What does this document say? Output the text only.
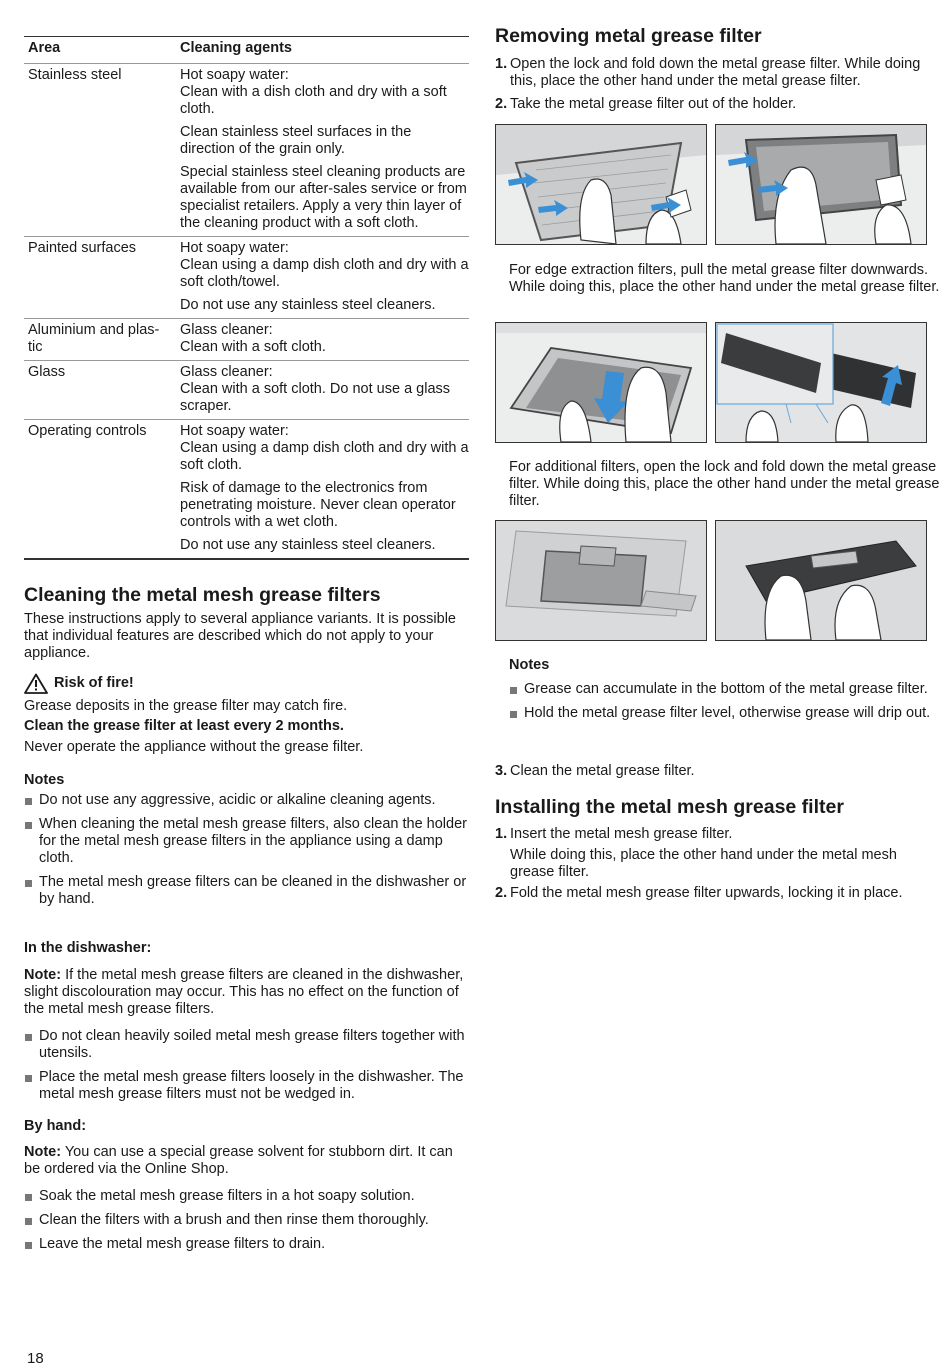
Area	Cleaning agents
Stainless steel	Hot soapy water:
Clean with a dish cloth and dry with a soft cloth.

Clean stainless steel surfaces in the direction of the grain only.

Special stainless steel cleaning products are available from our after-sales service or from specialist retailers. Apply a very thin layer of the cleaning product with a soft cloth.

Painted surfaces	Hot soapy water:
Clean using a damp dish cloth and dry with a soft cloth/towel.

Do not use any stainless steel cleaners.

Aluminium and plas-
tic	Glass cleaner:
Clean with a soft cloth.

Glass	Glass cleaner:
Clean with a soft cloth. Do not use a glass scraper.

Operating controls	Hot soapy water:
Clean using a damp dish cloth and dry with a soft cloth.

Risk of damage to the electronics from penetrating moisture. Never clean operator controls with a wet cloth.

Do not use any stainless steel cleaners.

Cleaning the metal mesh grease filters

These instructions apply to several appliance variants. It is possible that individual features are described which do not apply to your appliance.

Risk of fire!

Grease deposits in the grease filter may catch fire.

Clean the grease filter at least every 2 months.

Never operate the appliance without the grease filter.

Notes

Do not use any aggressive, acidic or alkaline cleaning agents.
When cleaning the metal mesh grease filters, also clean the holder for the metal mesh grease filters in the appliance using a damp cloth.
The metal mesh grease filters can be cleaned in the dishwasher or by hand.

In the dishwasher:

Note: If the metal mesh grease filters are cleaned in the dishwasher, slight discolouration may occur. This has no effect on the function of the metal mesh grease filters.

Do not clean heavily soiled metal mesh grease filters together with utensils.
Place the metal mesh grease filters loosely in the dishwasher. The metal mesh grease filters must not be wedged in.

By hand:

Note: You can use a special grease solvent for stubborn dirt. It can be ordered via the Online Shop.

Soak the metal mesh grease filters in a hot soapy solution.
Clean the filters with a brush and then rinse them thoroughly.
Leave the metal mesh grease filters to drain.
Removing metal grease filter
1. Open the lock and fold down the metal grease filter. While doing this, place the other hand under the metal grease filter.
2. Take the metal grease filter out of the holder.

For edge extraction filters, pull the metal grease filter downwards. While doing this, place the other hand under the metal grease filter.

For additional filters, open the lock and fold down the metal grease filter. While doing this, place the other hand under the metal grease filter.

Notes

Grease can accumulate in the bottom of the metal grease filter.
Hold the metal grease filter level, otherwise grease will drip out.
3. Clean the metal grease filter.
Installing the metal mesh grease filter
1. Insert the metal mesh grease filter.
While doing this, place the other hand under the metal mesh grease filter.
2. Fold the metal mesh grease filter upwards, locking it in place.
18
